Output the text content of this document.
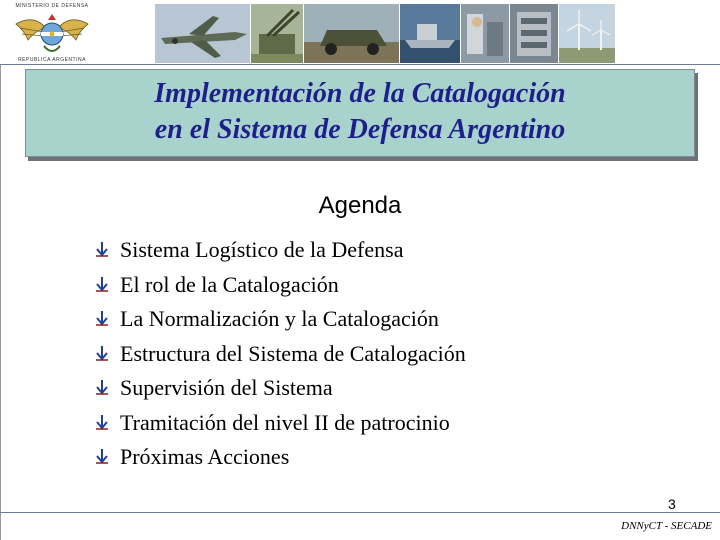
MINISTERIO DE DEFENSA
REPÚBLICA ARGENTINA
Implementación de la Catalogación
en el Sistema de Defensa Argentino
Agenda
Sistema Logístico de la Defensa
El rol de la Catalogación
La Normalización y la Catalogación
Estructura del Sistema de Catalogación
Supervisión del Sistema
Tramitación del nivel II de patrocinio
Próximas Acciones
3
DNNyCT - SECADE
